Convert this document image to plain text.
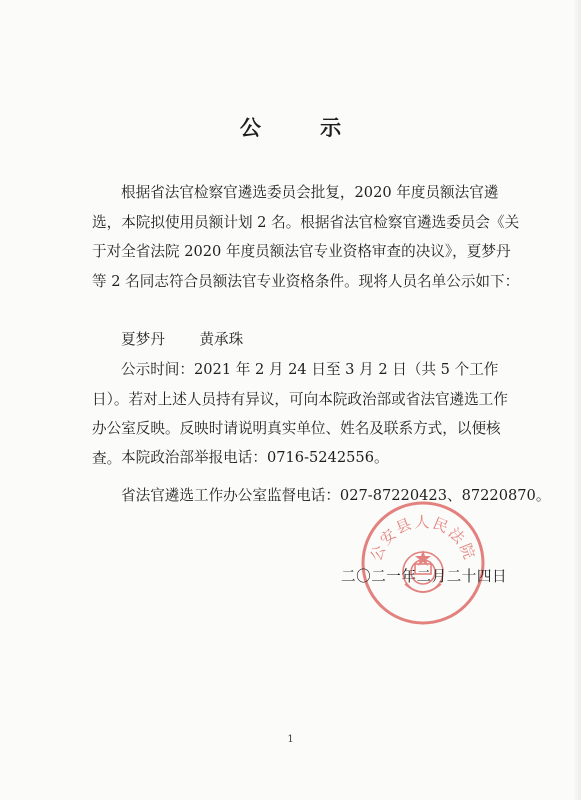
公 示
根据省法官检察官遴选委员会批复，2020 年度员额法官遴选，本院拟使用员额计划 2 名。根据省法官检察官遴选委员会《关于对全省法院 2020 年度员额法官专业资格审查的决议》，夏梦丹等 2 名同志符合员额法官专业资格条件。现将人员名单公示如下：
夏梦丹 黄承珠
公示时间：2021 年 2 月 24 日至 3 月 2 日（共 5 个工作日）。若对上述人员持有异议，可向本院政治部或省法官遴选工作办公室反映。反映时请说明真实单位、姓名及联系方式，以便核查。 本院政治部举报电话：0716-5242556。
省法官遴选工作办公室监督电话：027-87220423、87220870。
公安县人民法院
二〇二一年二月二十四日
1
